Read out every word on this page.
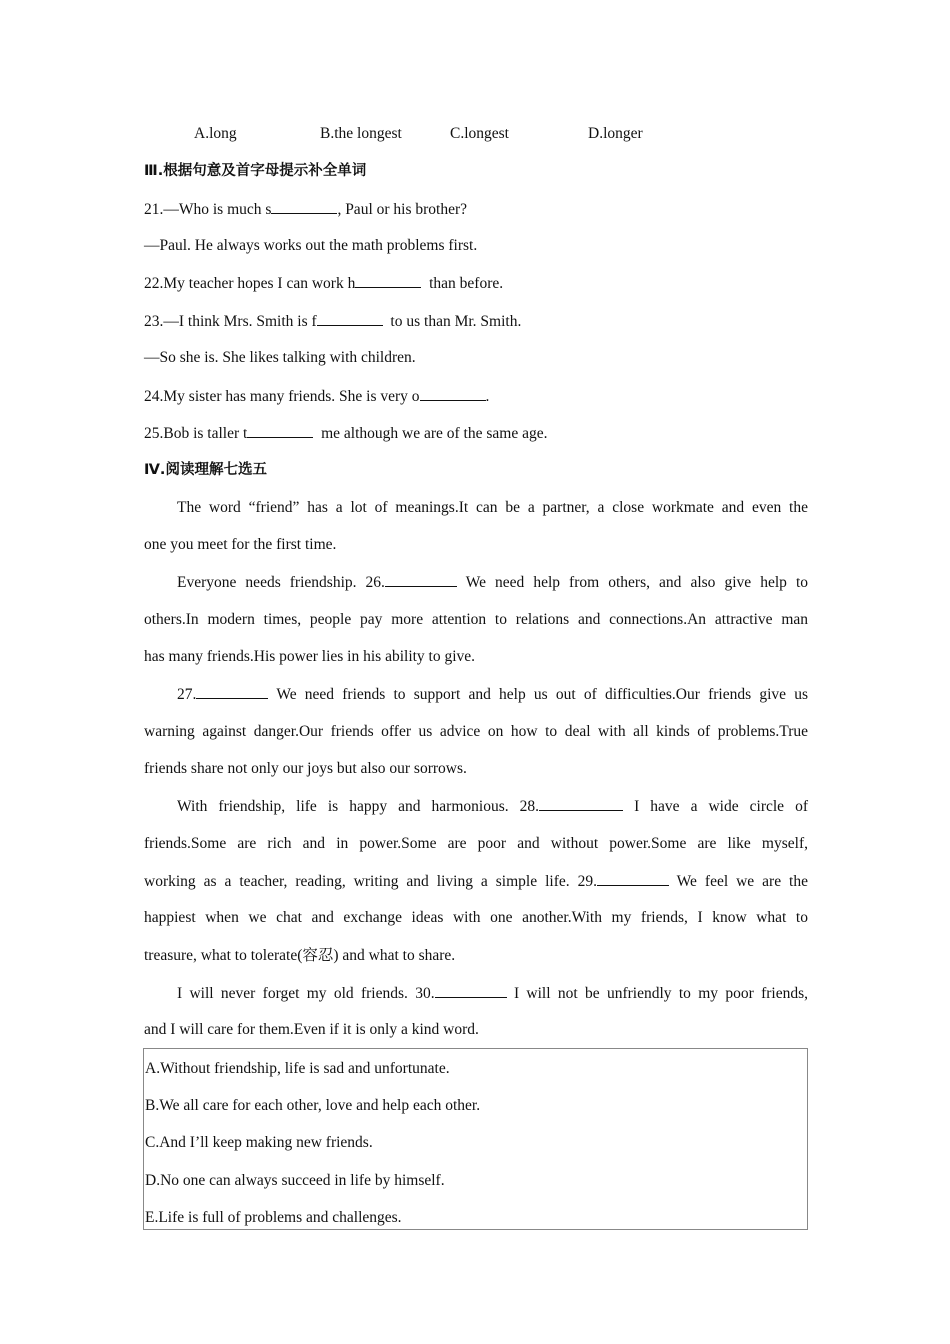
A.long	B.the longest	C.longest	D.longer
Ⅲ.根据句意及首字母提示补全单词
21.—Who is much s	, Paul or his brother?
—Paul. He always works out the math problems first.
22.My teacher hopes I can work h	than before.
23.—I think Mrs. Smith is f	to us than Mr. Smith.
—So she is. She likes talking with children.
24.My sister has many friends. She is very o	.
25.Bob is taller t	me although we are of the same age.
Ⅳ.阅读理解七选五
The word “friend” has a lot of meanings.It can be a partner, a close workmate and even the
one you meet for the first time.
Everyone needs friendship. 26.	We need help from others, and also give help to
others.In modern times, people pay more attention to relations and connections.An attractive man
has many friends.His power lies in his ability to give.
27.	We need friends to support and help us out of difficulties.Our friends give us
warning against danger.Our friends offer us advice on how to deal with all kinds of problems.True
friends share not only our joys but also our sorrows.
With friendship, life is happy and harmonious. 28.	I have a wide circle of
friends.Some are rich and in power.Some are poor and without power.Some are like myself,
working as a teacher, reading, writing and living a simple life. 29.	We feel we are the
happiest when we chat and exchange ideas with one another.With my friends, I know what to
treasure, what to tolerate(容忍) and what to share.
I will never forget my old friends. 30.	I will not be unfriendly to my poor friends,
and I will care for them.Even if it is only a kind word.
A.Without friendship, life is sad and unfortunate.
B.We all care for each other, love and help each other.
C.And I’ll keep making new friends.
D.No one can always succeed in life by himself.
E.Life is full of problems and challenges.
